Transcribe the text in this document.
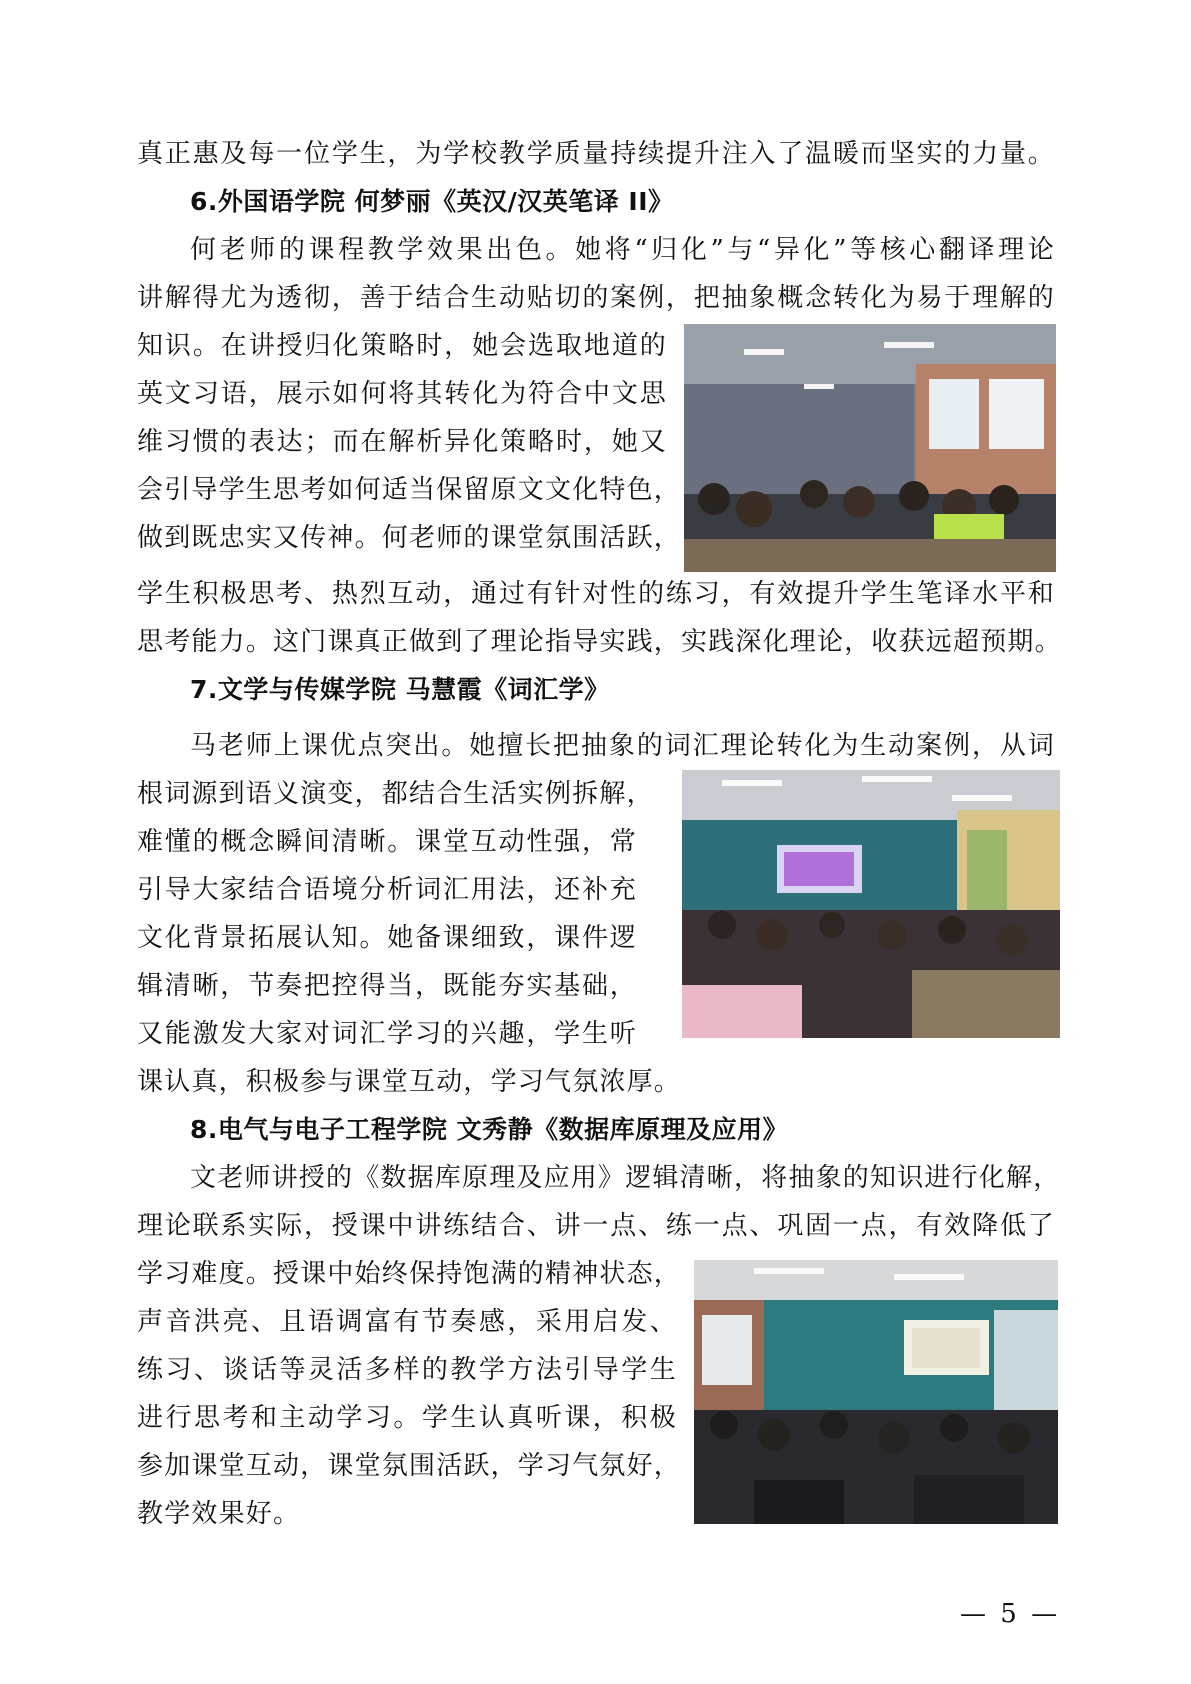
真正惠及每一位学生，为学校教学质量持续提升注入了温暖而坚实的力量。
6.外国语学院 何梦丽《英汉/汉英笔译 II》
何老师的课程教学效果出色。她将“归化”与“异化”等核心翻译理论
讲解得尤为透彻，善于结合生动贴切的案例，把抽象概念转化为易于理解的
知识。在讲授归化策略时，她会选取地道的
英文习语，展示如何将其转化为符合中文思
维习惯的表达；而在解析异化策略时，她又
会引导学生思考如何适当保留原文文化特色，
做到既忠实又传神。何老师的课堂氛围活跃，
学生积极思考、热烈互动，通过有针对性的练习，有效提升学生笔译水平和
思考能力。这门课真正做到了理论指导实践，实践深化理论，收获远超预期。
7.文学与传媒学院 马慧霞《词汇学》
马老师上课优点突出。她擅长把抽象的词汇理论转化为生动案例，从词
根词源到语义演变，都结合生活实例拆解，
难懂的概念瞬间清晰。课堂互动性强，常
引导大家结合语境分析词汇用法，还补充
文化背景拓展认知。她备课细致，课件逻
辑清晰，节奏把控得当，既能夯实基础，
又能激发大家对词汇学习的兴趣，学生听
课认真，积极参与课堂互动，学习气氛浓厚。
8.电气与电子工程学院 文秀静《数据库原理及应用》
文老师讲授的《数据库原理及应用》逻辑清晰，将抽象的知识进行化解，
理论联系实际，授课中讲练结合、讲一点、练一点、巩固一点，有效降低了
学习难度。授课中始终保持饱满的精神状态，
声音洪亮、且语调富有节奏感，采用启发、
练习、谈话等灵活多样的教学方法引导学生
进行思考和主动学习。学生认真听课，积极
参加课堂互动，课堂氛围活跃，学习气氛好，
教学效果好。
— 5 —
